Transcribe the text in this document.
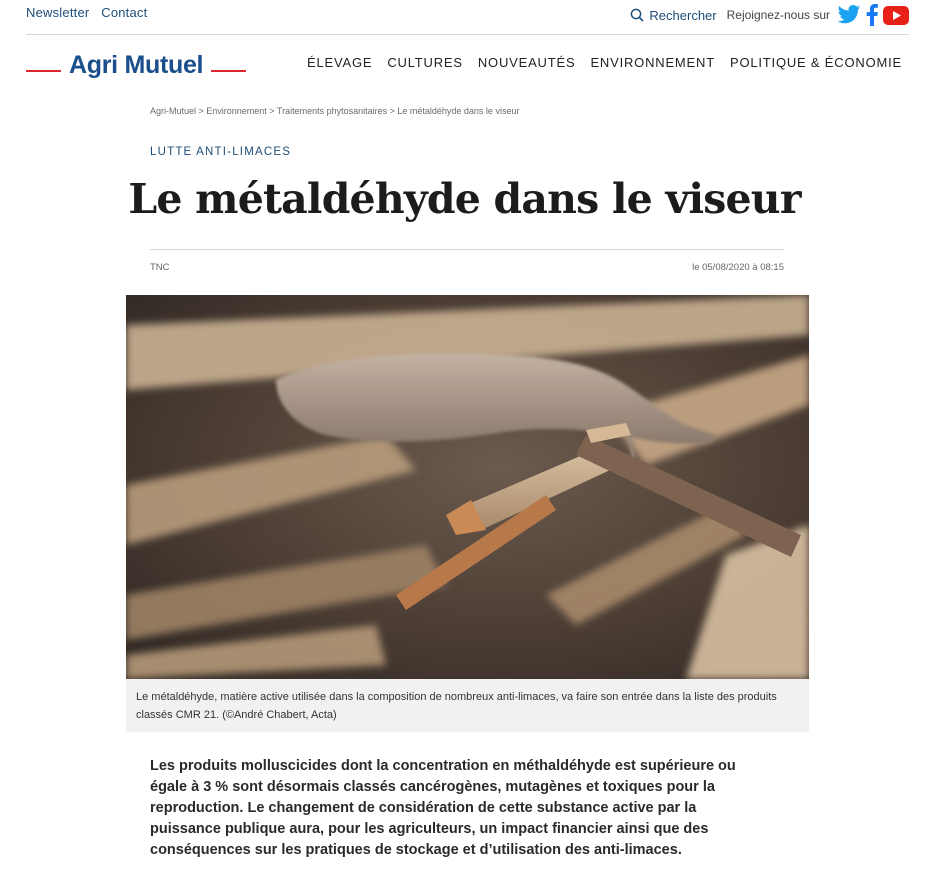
Newsletter Contact	Rechercher Rejoignez-nous sur
Agri Mutuel	ÉLEVAGE CULTURES NOUVEAUTÉS ENVIRONNEMENT POLITIQUE & ÉCONOMIE
Agri-Mutuel > Environnement > Traitements phytosanitaires > Le métaldéhyde dans le viseur
LUTTE ANTI-LIMACES
Le métaldéhyde dans le viseur
TNC	le 05/08/2020 à 08:15
Le métaldéhyde, matière active utilisée dans la composition de nombreux anti-limaces, va faire son entrée dans la liste des produits classés CMR 21. (©André Chabert, Acta)

Les produits molluscicides dont la concentration en méthaldéhyde est supérieure ou égale à 3 % sont désormais classés cancérogènes, mutagènes et toxiques pour la reproduction. Le changement de considération de cette substance active par la puissance publique aura, pour les agriculteurs, un impact financier ainsi que des conséquences sur les pratiques de stockage et d’utilisation des anti-limaces.
